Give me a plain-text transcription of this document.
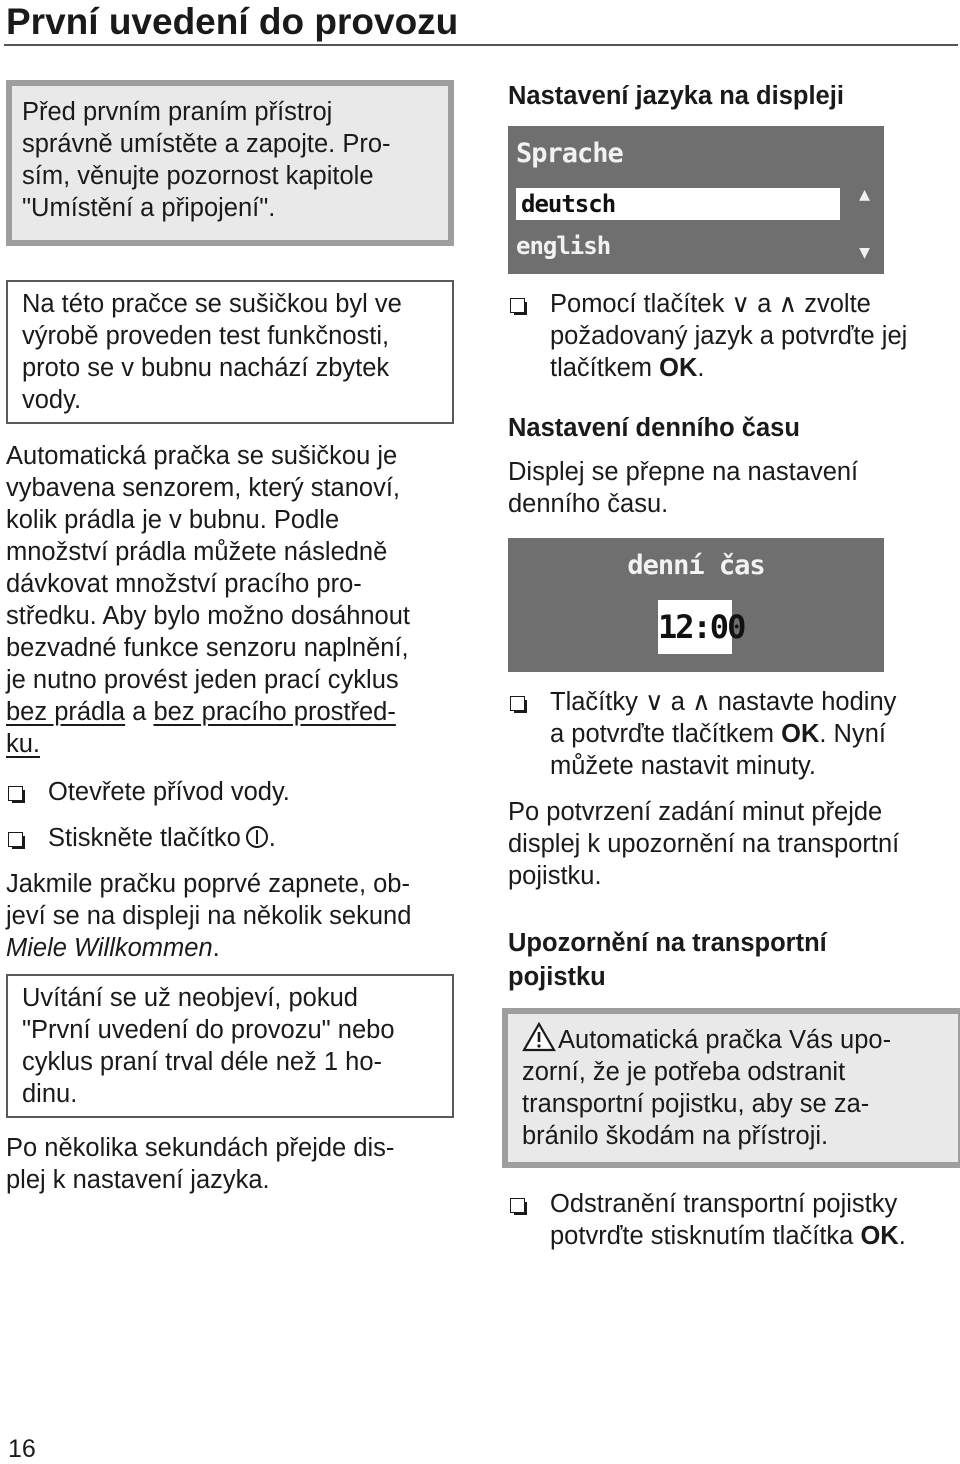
První uvedení do provozu

Před prvním praním přístroj

správně umístěte a zapojte. Pro-

sím, věnujte pozornost kapitole

"Umístění a připojení".

Na této pračce se sušičkou byl ve

výrobě proveden test funkčnosti,

proto se v bubnu nachází zbytek

vody.

Automatická pračka se sušičkou je

vybavena senzorem, který stanoví,

kolik prádla je v bubnu. Podle

množství prádla můžete následně

dávkovat množství pracího pro-

středku. Aby bylo možno dosáhnout

bezvadné funkce senzoru naplnění,

je nutno provést jeden prací cyklus

bez prádla a bez pracího prostřed-

ku.

Otevřete přívod vody.
Stiskněte tlačítko .

Jakmile pračku poprvé zapnete, ob-

jeví se na displeji na několik sekund

Miele Willkommen.

Uvítání se už neobjeví, pokud

"První uvedení do provozu" nebo

cyklus praní trval déle než 1 ho-

dinu.

Po několika sekundách přejde dis-

plej k nastavení jazyka.

Nastavení jazyka na displeji

Sprache
deutsch
english
▲
▼

Pomocí tlačítek ∨ a ∧ zvolte

požadovaný jazyk a potvrďte jej

tlačítkem OK.

Nastavení denního času

Displej se přepne na nastavení

denního času.

denní čas
12:00

Tlačítky ∨ a ∧ nastavte hodiny

a potvrďte tlačítkem OK. Nyní

můžete nastavit minuty.

Po potvrzení zadání minut přejde

displej k upozornění na transportní

pojistku.

Upozornění na transportní

pojistku

Automatická pračka Vás upo-

zorní, že je potřeba odstranit

transportní pojistku, aby se za-

bránilo škodám na přístroji.

Odstranění transportní pojistky

potvrďte stisknutím tlačítka OK.

16
